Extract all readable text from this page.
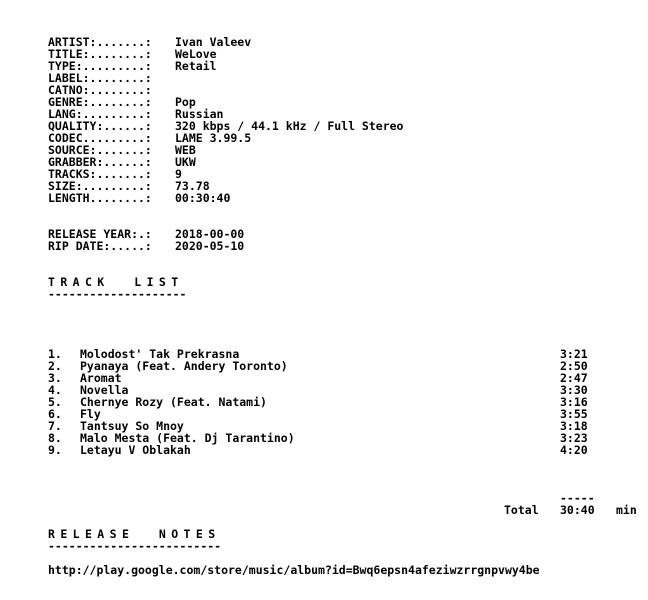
ARTIST:.......: Ivan Valeev
TITLE:........: WeLove
TYPE:.........: Retail
LABEL:........:
CATNO:........:
GENRE:........: Pop
LANG:.........: Russian
QUALITY:......: 320 kbps / 44.1 kHz / Full Stereo
CODEC.........: LAME 3.99.5
SOURCE:.......: WEB
GRABBER:......: UKW
TRACKS:.......: 9
SIZE:.........: 73.78
LENGTH........: 00:30:40
RELEASE YEAR:.: 2018-00-00
RIP DATE:.....: 2020-05-10
TRACK  LIST
--------------------
1. Molodost' Tak Prekrasna	3:21
2. Pyanaya (Feat. Andery Toronto)	2:50
3. Aromat	2:47
4. Novella	3:30
5. Chernye Rozy (Feat. Natami)	3:16
6. Fly	3:55
7. Tantsuy So Mnoy	3:18
8. Malo Mesta (Feat. Dj Tarantino)	3:23
9. Letayu V Oblakah	4:20
-----
Total 30:40 min
RELEASE  NOTES
-------------------------
http://play.google.com/store/music/album?id=Bwq6epsn4afeziwzrrgnpvwy4be
